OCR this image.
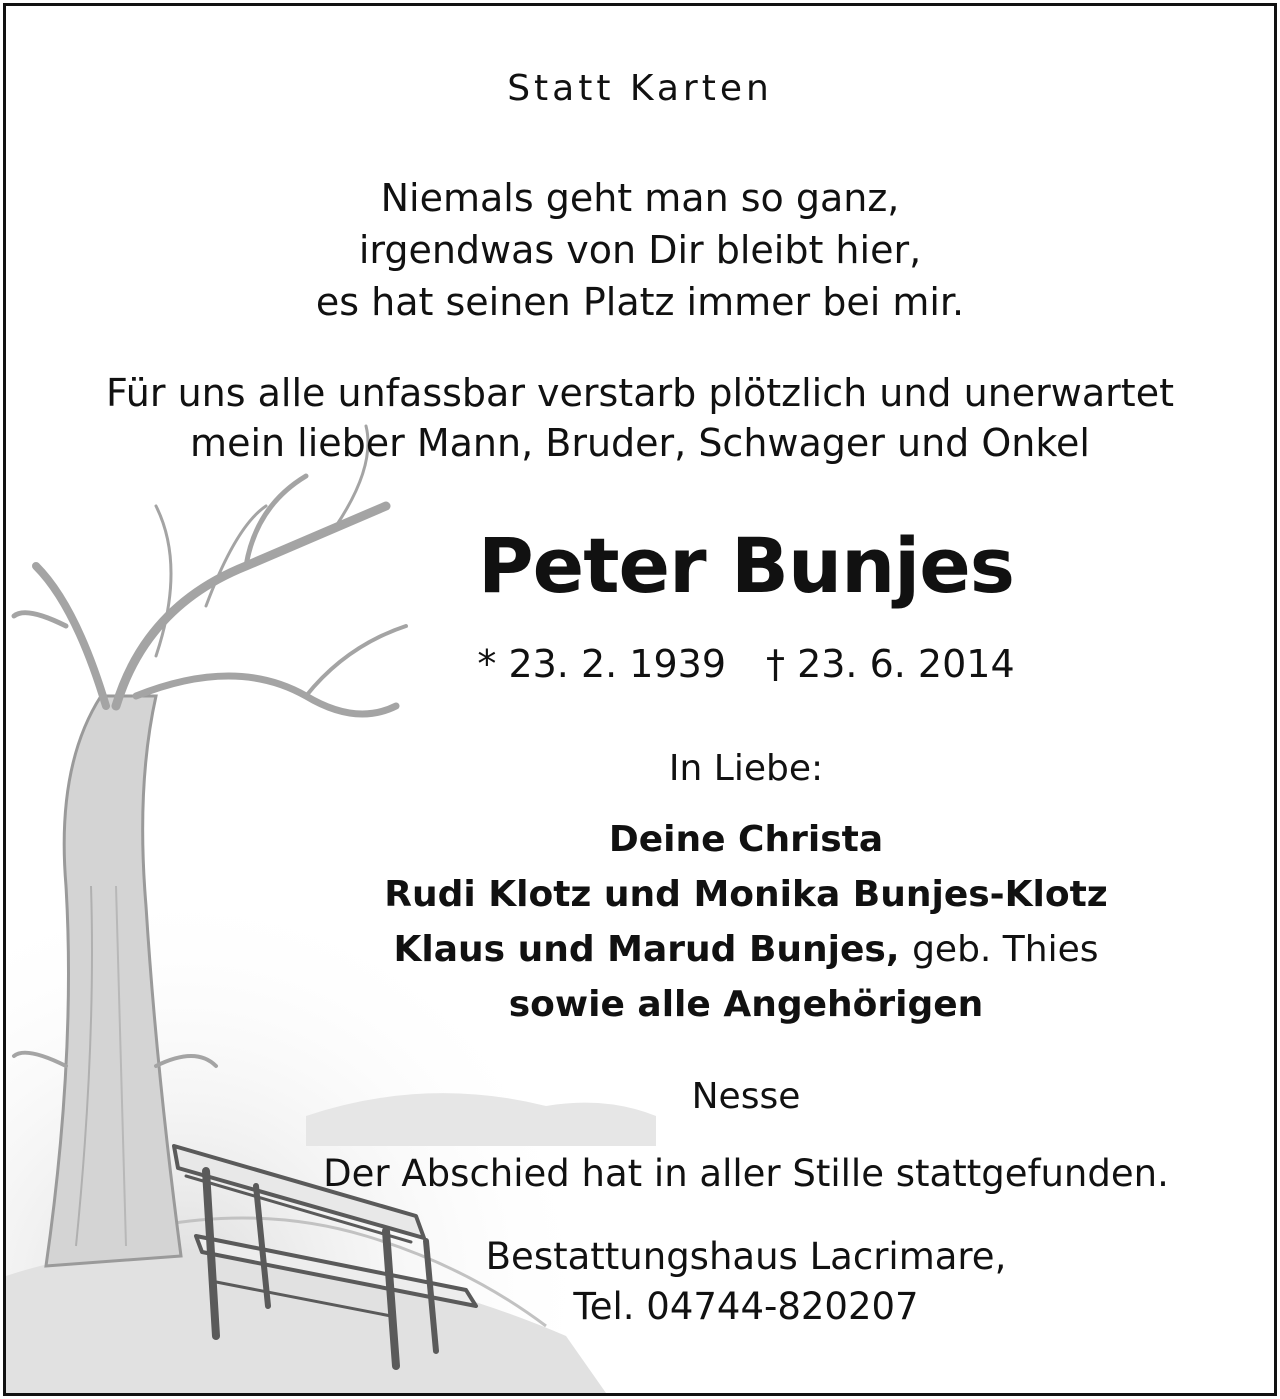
Statt Karten
Niemals geht man so ganz,
irgendwas von Dir bleibt hier,
es hat seinen Platz immer bei mir.
Für uns alle unfassbar verstarb plötzlich und unerwartet
mein lieber Mann, Bruder, Schwager und Onkel
Peter Bunjes
* 23. 2. 1939 † 23. 6. 2014
In Liebe:
Deine Christa
Rudi Klotz und Monika Bunjes-Klotz
Klaus und Marud Bunjes, geb. Thies
sowie alle Angehörigen
Nesse
Der Abschied hat in aller Stille stattgefunden.
Bestattungshaus Lacrimare,
Tel. 04744-820207
